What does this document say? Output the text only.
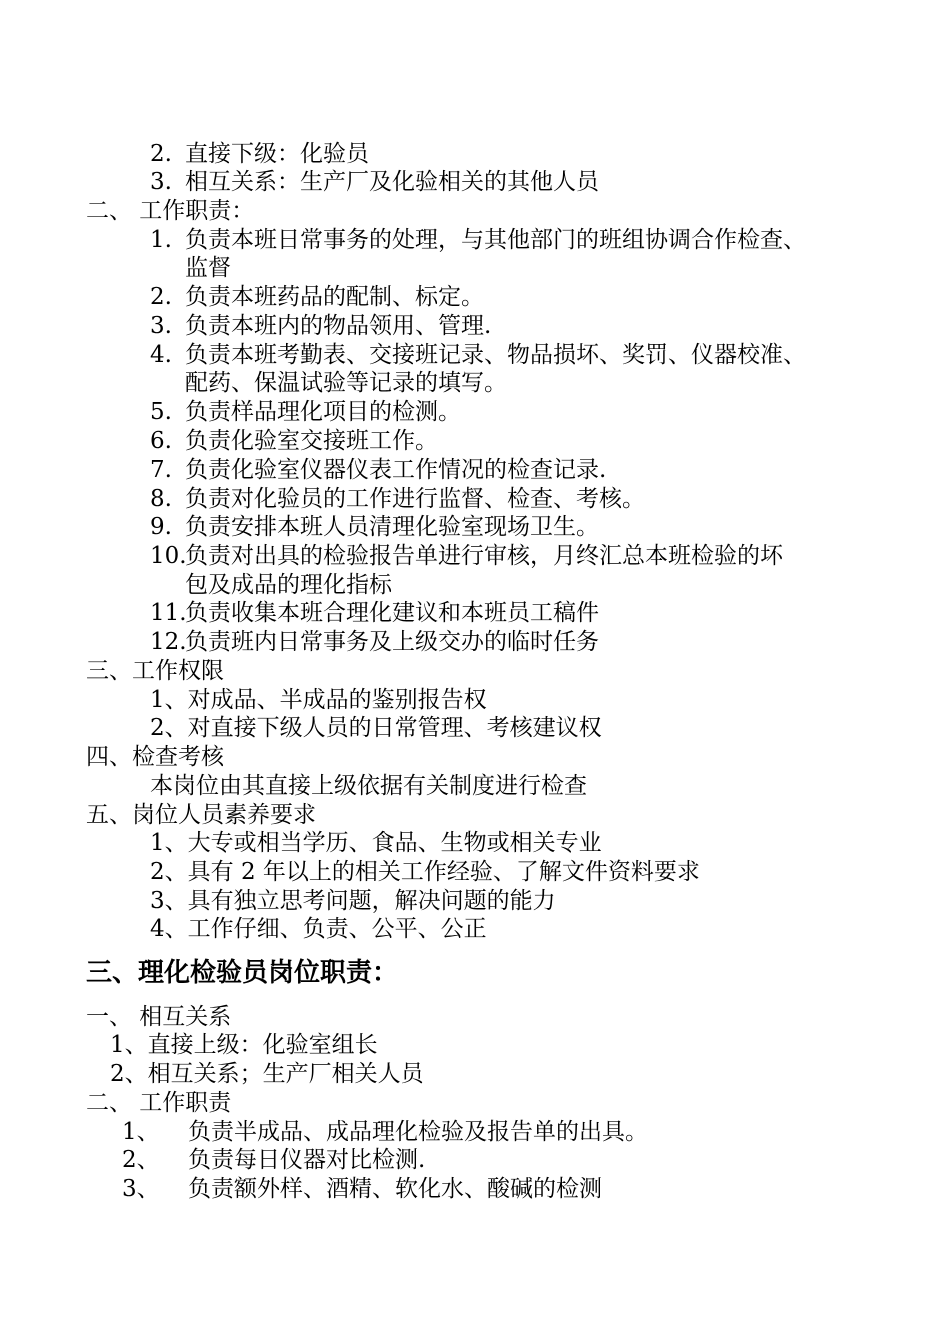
2. 直接下级：化验员
3. 相互关系：生产厂及化验相关的其他人员
二、 工作职责：
1. 负责本班日常事务的处理，与其他部门的班组协调合作检查、
监督
2. 负责本班药品的配制、标定。
3. 负责本班内的物品领用、管理.
4. 负责本班考勤表、交接班记录、物品损坏、奖罚、仪器校准、
配药、保温试验等记录的填写。
5. 负责样品理化项目的检测。
6. 负责化验室交接班工作。
7. 负责化验室仪器仪表工作情况的检查记录.
8. 负责对化验员的工作进行监督、检查、考核。
9. 负责安排本班人员清理化验室现场卫生。
10.
负责对出具的检验报告单进行审核，月终汇总本班检验的坏
包及成品的理化指标
11.
负责收集本班合理化建议和本班员工稿件
12.
负责班内日常事务及上级交办的临时任务
三、工作权限
1、对成品、半成品的鉴别报告权
2、对直接下级人员的日常管理、考核建议权
四、检查考核
本岗位由其直接上级依据有关制度进行检查
五、岗位人员素养要求
1、大专或相当学历、食品、生物或相关专业
2、具有 2 年以上的相关工作经验、了解文件资料要求
3、具有独立思考问题，解决问题的能力
4、工作仔细、负责、公平、公正
三、理化检验员岗位职责：
一、 相互关系
1、直接上级：化验室组长
2、相互关系；生产厂相关人员
二、 工作职责
1、 负责半成品、成品理化检验及报告单的出具。
2、 负责每日仪器对比检测.
3、 负责额外样、酒精、软化水、酸碱的检测
